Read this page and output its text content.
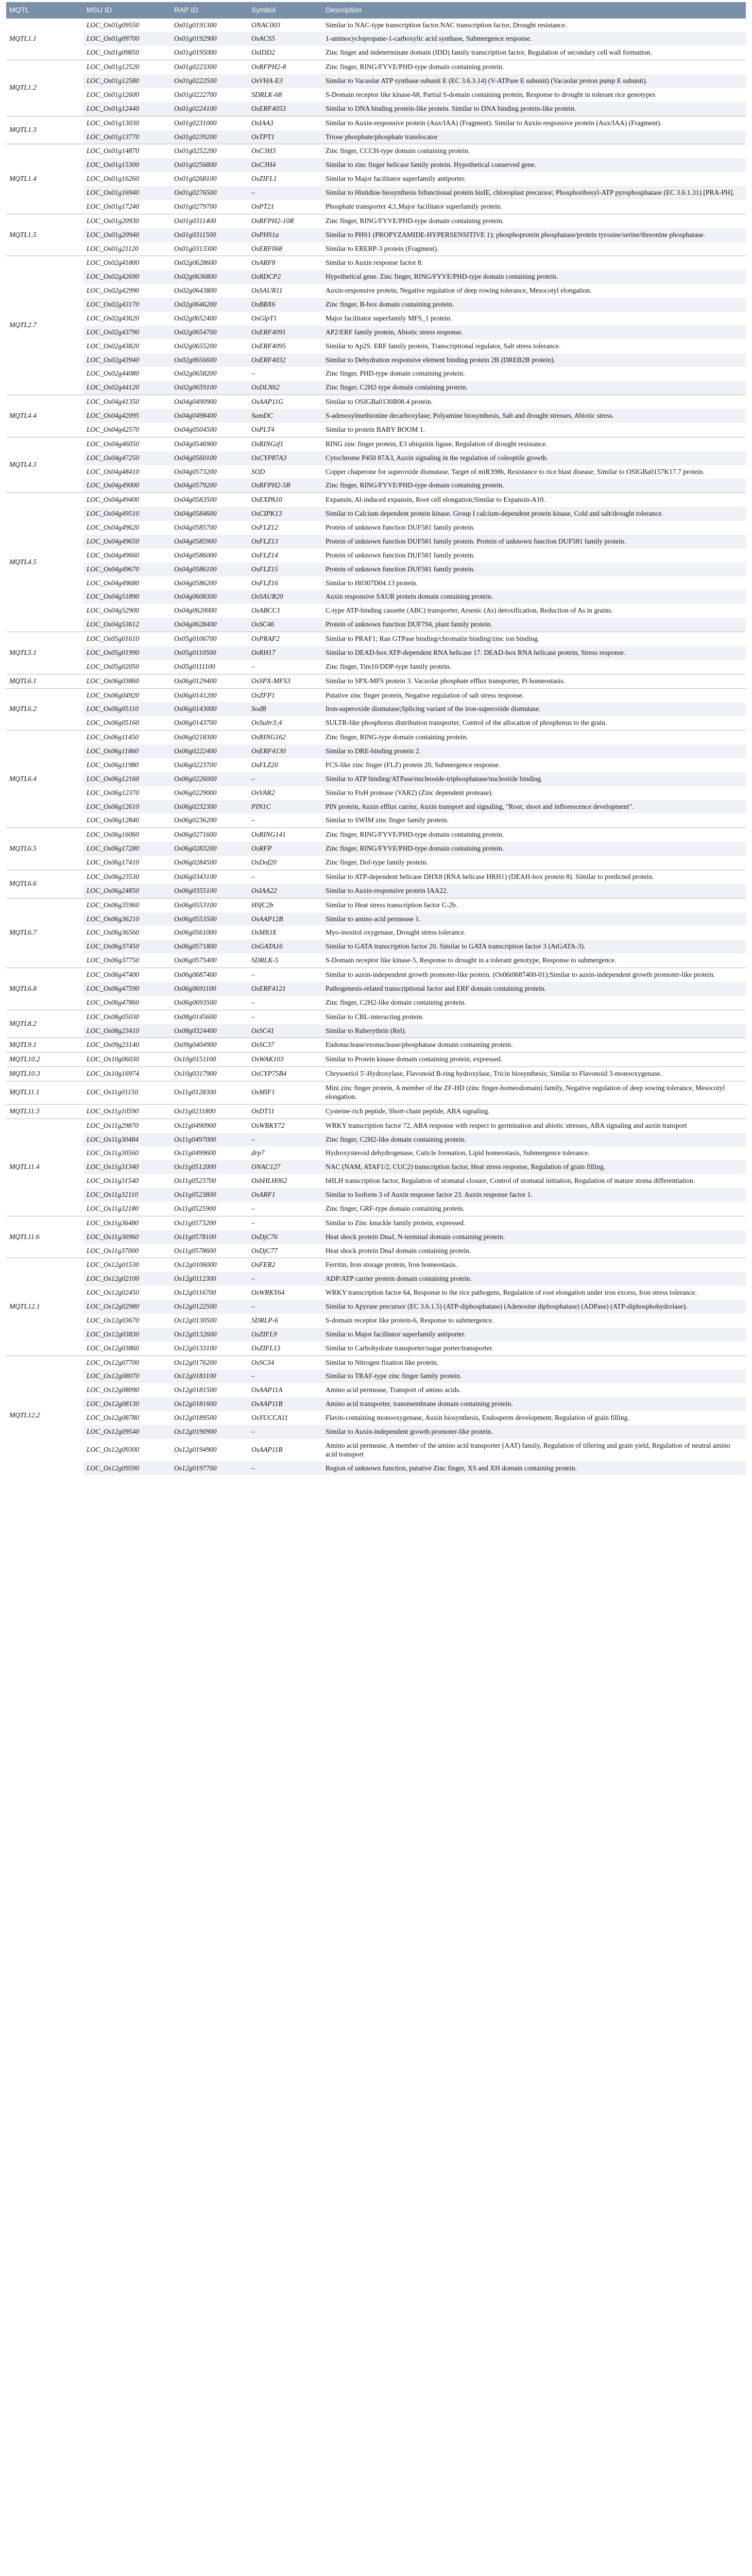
MQTL	MSU ID	RAP ID	Symbol	Description
MQTL1.1	LOC_Os01g09550	Os01g0191300	ONAC003	Similar to NAC-type transcription factor.NAC transcription factor, Drought resistance.
	LOC_Os01g09700	Os01g0192900	OsACS5	1-aminocyclopropane-1-carboxylic acid synthase, Submergence response.
	LOC_Os01g09850	Os01g0195000	OsIDD2	Zinc finger and indeterminate domain (IDD) family transcription factor, Regulation of secondary cell wall formation.
MQTL1.2	LOC_Os01g12520	Os01g0223300	OsRFPH2-8	Zinc finger, RING/FYVE/PHD-type domain containing protein.
	LOC_Os01g12580	Os01g0222500	OsVHA-E3	Similar to Vacuolar ATP synthase subunit E (EC 3.6.3.14) (V-ATPase E subunit) (Vacuolar proton pump E subunit).
	LOC_Os01g12600	Os01g0222700	SDRLK-68	S-Domain receptor like kinase-68, Partial S-domain containing protein, Response to drought in tolerant rice genotypes
	LOC_Os01g12440	Os01g0224100	OsERF4053	Similar to DNA binding protein-like protein. Similar to DNA binding protein-like protein.
MQTL1.3	LOC_Os01g13030	Os01g0231000	OsIAA3	Similar to Auxin-responsive protein (Aux/IAA) (Fragment). Similar to Auxin-responsive protein (Aux/IAA) (Fragment).
	LOC_Os01g13770	Os01g0239200	OsTPT1	Triose phosphate/phosphate translocator
MQTL1.4	LOC_Os01g14870	Os01g0252200	OsC3H3	Zinc finger, CCCH-type domain containing protein.
	LOC_Os01g15300	Os01g0256800	OsC3H4	Similar to zinc finger helicase family protein. Hypothetical conserved gene.
	LOC_Os01g16260	Os01g0268100	OsZIFL1	Similar to Major facilitator superfamily antiporter.
	LOC_Os01g16940	Os01g0276500	–	Similar to Histidine biosynthesis bifunctional protein hisIE, chloroplast precursor; Phosphoribosyl-ATP pyrophosphatase (EC 3.6.1.31) [PRA-PH].
	LOC_Os01g17240	Os01g0279700	OsPT21	Phosphate transporter 4;1,Major facilitator superfamily protein.
MQTL1.5	LOC_Os01g20930	Os01g0311400	OsRFPH2-10R	Zinc finger, RING/FYVE/PHD-type domain containing protein.
	LOC_Os01g20940	Os01g0311500	OsPHS1a	Similar to PHS1 (PROPYZAMIDE-HYPERSENSITIVE 1); phosphoprotein phosphatase/protein tyrosine/serine/threonine phosphatase.
	LOC_Os01g21120	Os01g0313300	OsERF068	Similar to EREBP-3 protein (Fragment).
MQTL2.7	LOC_Os02g41800	Os02g0628600	OsARF8	Similar to Auxin response factor 8.
	LOC_Os02g42690	Os02g0636800	OsRDCP2	Hypothetical gene. Zinc finger, RING/FYVE/PHD-type domain containing protein.
	LOC_Os02g42990	Os02g0643800	OsSAUR11	Auxin-responsive protein, Negative regulation of deep rowing tolerance, Mesocotyl elongation.
	LOC_Os02g43170	Os02g0646200	OsBBX6	Zinc finger, B-box domain containing protein.
	LOC_Os02g43620	Os02g0652400	OsGlpT1	Major facilitator superfamily MFS_1 protein.
	LOC_Os02g43790	Os02g0654700	OsERF4091	AP2/ERF family protein, Abiotic stress response.
	LOC_Os02g43820	Os02g0655200	OsERF4095	Similar to Ap2S. ERF family protein, Transcriptional regulator, Salt stress tolerance.
	LOC_Os02g43940	Os02g0656600	OsERF4032	Similar to Dehydration responsive element binding protein 2B (DREB2B protein).
	LOC_Os02g44080	Os02g0658200	–	Zinc finger, PHD-type domain containing protein.
	LOC_Os02g44120	Os02g0659100	OsDLN62	Zinc finger, C2H2-type domain containing protein.
MQTL4.4	LOC_Os04g41350	Os04g0490900	OsAAP11G	Similar to OSIGBa0130B08.4 protein.
	LOC_Os04g42095	Os04g0498400	SamDC	S-adenosylmethionine decarboxylase; Polyamine biosynthesis, Salt and drought stresses, Abiotic stress.
	LOC_Os04g42570	Os04g0504500	OsPLT4	Similar to protein BABY BOOM 1.
MQTL4.3	LOC_Os04g46050	Os04g0546900	OsRINGzf1	RING zinc finger protein, E3 ubiquitin ligase, Regulation of drought resistance.
	LOC_Os04g47250	Os04g0560100	OsCYP87A3	Cytochrome P450 87A3, Auxin signaling in the regulation of coleoptile growth.
	LOC_Os04g48410	Os04g0573200	SOD	Copper chaperone for superoxide dismutase, Target of miR398b, Resistance to rice blast disease; Similar to OSIGBa0157K17.7 protein.
	LOC_Os04g49000	Os04g0579200	OsRFPH2-5R	Zinc finger, RING/FYVE/PHD-type domain containing protein.
MQTL4.5	LOC_Os04g49400	Os04g0583500	OsEXPA10	Expansin, Al-induced expansin, Root cell elongation;Similar to Expansin-A10.
	LOC_Os04g49510	Os04g0584600	OsCIPK13	Similar to Calcium dependent protein kinase. Group I calcium-dependent protein kinase, Cold and salt/drought tolerance.
	LOC_Os04g49620	Os04g0585700	OsFLZ12	Protein of unknown function DUF581 family protein.
	LOC_Os04g49650	Os04g0585900	OsFLZ13	Protein of unknown function DUF581 family protein. Protein of unknown function DUF581 family protein.
	LOC_Os04g49660	Os04g0586000	OsFLZ14	Protein of unknown function DUF581 family protein.
	LOC_Os04g49670	Os04g0586100	OsFLZ15	Protein of unknown function DUF581 family protein.
	LOC_Os04g49680	Os04g0586200	OsFLZ16	Similar to H0307D04.13 protein.
	LOC_Os04g51890	Os04g0608300	OsSAUR20	Auxin responsive SAUR protein domain containing protein.
	LOC_Os04g52900	Os04g0620000	OsABCC1	C-type ATP-binding cassette (ABC) transporter, Arsenic (As) detoxification, Reduction of As in grains.
	LOC_Os04g53612	Os04g0628400	OsSC46	Protein of unknown function DUF794, plant family protein.
MQTL5.1	LOC_Os05g01610	Os05g0106700	OsPRAF2	Similar to PRAF1; Ran GTPase binding/chromatin binding/zinc ion binding.
	LOC_Os05g01990	Os05g0110500	OsRH17	Similar to DEAD-box ATP-dependent RNA helicase 17. DEAD-box RNA helicase protein, Stress response.
	LOC_Os05g02050	Os05g0111100	–	Zinc finger, Tim10/DDP-type family protein.
MQTL6.1	LOC_Os06g03860	Os06g0129400	OsSPX-MFS3	Similar to SPX-MFS protein 3. Vacuolar phosphate efflux transporter, Pi homeostasis.
MQTL6.2	LOC_Os06g04920	Os06g0141200	OsZFP1	Putative zinc finger protein, Negative regulation of salt stress response.
	LOC_Os06g05110	Os06g0143000	SodB	Iron-superoxide dismutase;Splicing variant of the iron-superoxide dismutase.
	LOC_Os06g05160	Os06g0143700	OsSultr3;4	SULTR-like phosphorus distribution transporter, Control of the allocation of phosphorus to the grain.
MQTL6.4	LOC_Os06g11450	Os06g0218300	OsRING162	Zinc finger, RING-type domain containing protein.
	LOC_Os06g11860	Os06g0222400	OsERF4130	Similar to DRE-binding protein 2.
	LOC_Os06g11980	Os06g0223700	OsFLZ20	FCS-like zinc finger (FLZ) protein 20, Submergence response.
	LOC_Os06g12160	Os06g0226000	–	Similar to ATP binding/ATPase/nucleoside-triphosphatase/nucleotide binding.
	LOC_Os06g12370	Os06g0229000	OsVAR2	Similar to FtsH protease (VAR2) (Zinc dependent protease).
	LOC_Os06g12610	Os06g0232300	PIN1C	PIN protein, Auxin efflux carrier, Auxin transport and signaling, "Root, shoot and inflorescence development".
	LOC_Os06g12840	Os06g0236200	–	Similar to SWIM zinc finger family protein.
MQTL6.5	LOC_Os06g16060	Os06g0271600	OsRING141	Zinc finger, RING/FYVE/PHD-type domain containing protein.
	LOC_Os06g17280	Os06g0283200	OsRFP	Zinc finger, RING/FYVE/PHD-type domain containing protein.
	LOC_Os06g17410	Os06g0284500	OsDof20	Zinc finger, Dof-type family protein.
MQTL6.6	LOC_Os06g23530	Os06g0343100	–	Similar to ATP-dependent helicase DHX8 (RNA helicase HRH1) (DEAH-box protein 8). Similar to predicted protein.
	LOC_Os06g24850	Os06g0355100	OsIAA22	Similar to Auxin-responsive protein IAA22.
MQTL6.7	LOC_Os06g35960	Os06g0553100	HSfC2b	Similar to Heat stress transcription factor C-2b.
	LOC_Os06g36210	Os06g0553500	OsAAP12B	Similar to amino acid permease 1.
	LOC_Os06g36560	Os06g0561000	OsMIOX	Myo-inositol oxygenase, Drought stress tolerance.
	LOC_Os06g37450	Os06g0571800	OsGATA16	Similar to GATA transcription factor 20. Similar to GATA transcription factor 3 (AtGATA-3).
	LOC_Os06g37750	Os06g0575400	SDRLK-5	S-Domain receptor like kinase-5, Response to drought in a tolerant genotype, Response to submergence.
MQTL6.8	LOC_Os06g47400	Os06g0687400	–	Similar to auxin-independent growth promoter-like protein. (Os06t0687400-01);Similar to auxin-independent growth promoter-like protein.
	LOC_Os06g47590	Os06g0691100	OsERF4121	Pathogenesis-related transcriptional factor and ERF domain containing protein.
	LOC_Os06g47860	Os06g0693500	–	Zinc finger, C2H2-like domain containing protein.
MQTL8.2	LOC_Os08g05030	Os08g0145600	–	Similar to CBL-interacting protein.
	LOC_Os08g23410	Os08g0324400	OsSC41	Similar to Ruberythrin (Rel).
MQTL9.1	LOC_Os09g23140	Os09g0404900	OsSC37	Endonuclease/exonuclease/phosphatase domain containing protein.
MQTL10.2	LOC_Os10g06030	Os10g0151100	OsWAK103	Similar to Protein kinase domain containing protein, expressed.
MQTL10.3	LOC_Os10g16974	Os10g0317900	OsCYP75B4	Chrysoeriol 5'-Hydroxylase, Flavonoid B-ring hydroxylase, Tricin biosynthesis; Similar to Flavonoid 3-monooxygenase.
MQTL11.1	LOC_Os11g01150	Os11g0128300	OsMIF1	Mini zinc finger protein, A member of the ZF-HD (zinc finger-homeodomain) family, Negative regulation of deep sowing tolerance, Mesocotyl elongation.
MQTL11.3	LOC_Os11g10590	Os11g0211800	OsDT11	Cysteine-rich peptide, Short-chain peptide, ABA signaling.
MQTL11.4	LOC_Os11g29870	Os11g0490900	OsWRKY72	WRKY transcription factor 72, ABA response with respect to germination and abiotic stresses, ABA signaling and auxin transport
	LOC_Os11g30484	Os11g0497000	–	Zinc finger, C2H2-like domain containing protein.
	LOC_Os11g30560	Os11g0499600	drp7	Hydroxysteroid dehydrogenase, Cuticle formation, Lipid homeostasis, Submergence tolerance.
	LOC_Os11g31340	Os11g0512000	ONAC127	NAC (NAM, ATAF1/2, CUC2) transcription factor, Heat stress response, Regulation of grain filling.
	LOC_Os11g31540	Os11g0523700	OsbHLH062	bHLH transcription factor, Regulation of stomatal closure, Control of stomatal initiation, Regulation of mature stoma differentiation.
	LOC_Os11g32110	Os11g0523800	OsARF1	Similar to Isoform 3 of Auxin response factor 23. Auxin response factor 1.
	LOC_Os11g32180	Os11g0525900	–	Zinc finger, GRF-type domain containing protein.
MQTL11.6	LOC_Os11g36480	Os11g0573200	–	Similar to Zinc knuckle family protein, expressed.
	LOC_Os11g36960	Os11g0578100	OsDjC76	Heat shock protein DnaJ, N-terminal domain containing protein.
	LOC_Os11g37000	Os11g0578600	OsDjC77	Heat shock protein DnaJ domain containing protein.
MQTL12.1	LOC_Os12g01530	Os12g0106000	OsFER2	Ferritin, Iron storage protein, Iron homeostasis.
	LOC_Os12g02100	Os12g0112300	–	ADP/ATP carrier protein domain containing protein.
	LOC_Os12g02450	Os12g0116700	OsWRKY64	WRKY transcription factor 64, Response to the rice pathogens, Regulation of root elongation under iron excess, Iron stress tolerance.
	LOC_Os12g02980	Os12g0122500	–	Similar to Apyrase precursor (EC 3.6.1.5) (ATP-diphosphatase) (Adenosine diphosphatase) (ADPase) (ATP-diphosphohydrolase).
	LOC_Os12g03670	Os12g0130500	SDRLP-6	S-domain receptor like protein-6, Response to submergence.
	LOC_Os12g03830	Os12g0132600	OsZIFL9	Similar to Major facilitator superfamily antiporter.
	LOC_Os12g03860	Os12g0133100	OsZIFL13	Similar to Carbohydrate transporter/sugar porter/transporter.
MQTL12.2	LOC_Os12g07700	Os12g0176200	OsSC34	Similar to Nitrogen fixation like protein.
	LOC_Os12g08070	Os12g0181100	–	Similar to TRAF-type zinc finger family protein.
	LOC_Os12g08090	Os12g0181500	OsAAP11A	Amino acid permease, Transport of amino acids.
	LOC_Os12g08130	Os12g0181600	OsAAP11B	Amino acid transporter, transmembrane domain containing protein.
	LOC_Os12g08780	Os12g0189500	OsYUCCA11	Flavin-containing monooxygenase, Auxin biosynthesis, Endosperm development, Regulation of grain filling.
	LOC_Os12g09540	Os12g0190900	–	Similar to Auxin-independent growth promoter-like protein.
	LOC_Os12g09300	Os12g0194900	OsAAP11B	Amino acid permease, A member of the amino acid transporter (AAT) family, Regulation of tillering and grain yield, Regulation of neutral amino acid transport
	LOC_Os12g09590	Os12g0197700	–	Region of unknown function, putative Zinc finger, XS and XH domain containing protein.
